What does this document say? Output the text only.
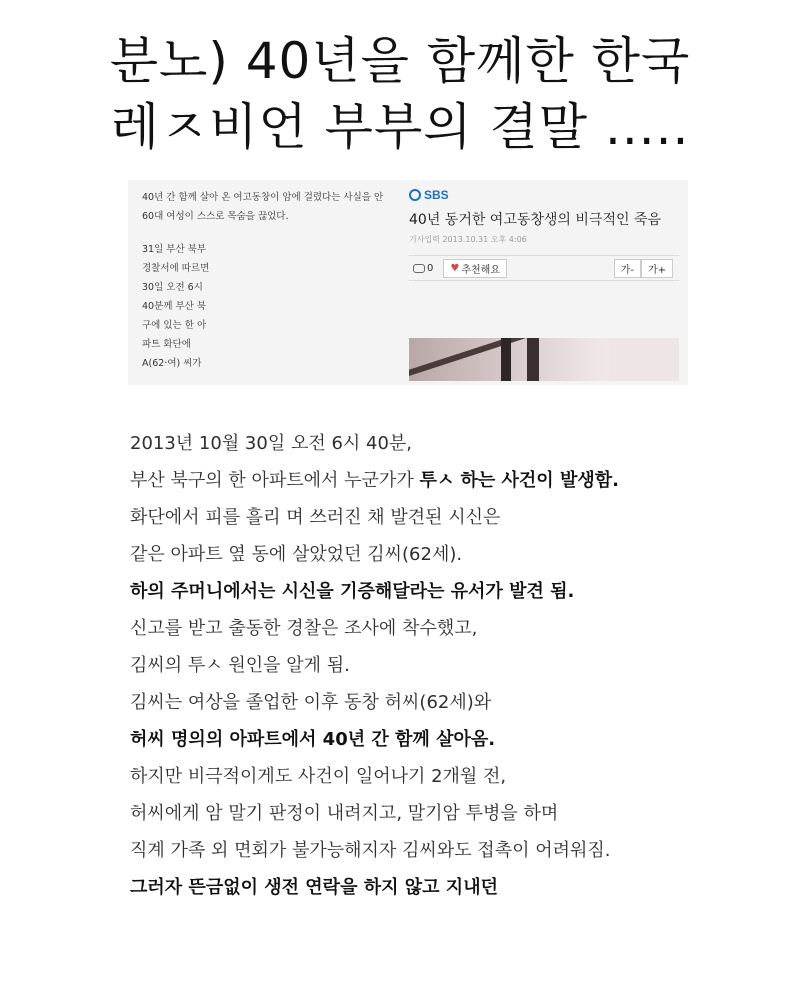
분노) 40년을 함께한 한국
레ㅈ비언 부부의 결말 .....
40년 간 함께 살아 온 여고동창이 암에 걸렸다는 사실을 안 60대 여성이 스스로 목숨을 끊었다.
31일 부산 북부
경찰서에 따르면
30일 오전 6시
40분께 부산 북
구에 있는 한 아
파트 화단에
A(62·여) 씨가
SBS
40년 동거한 여고동창생의 비극적인 죽음
기사입력 2013.10.31 오후 4:06
0 ♥ 추천해요	가-	가+

2013년 10월 30일 오전 6시 40분,

부산 북구의 한 아파트에서 누군가가 투ㅅ 하는 사건이 발생함.

화단에서 피를 흘리 며 쓰러진 채 발견된 시신은

같은 아파트 옆 동에 살았었던 김씨(62세).

하의 주머니에서는 시신을 기증해달라는 유서가 발견 됨.

신고를 받고 출동한 경찰은 조사에 착수했고,

김씨의 투ㅅ 원인을 알게 됨.

김씨는 여상을 졸업한 이후 동창 허씨(62세)와

허씨 명의의 아파트에서 40년 간 함께 살아옴.

하지만 비극적이게도 사건이 일어나기 2개월 전,

허씨에게 암 말기 판정이 내려지고, 말기암 투병을 하며

직계 가족 외 면회가 불가능해지자 김씨와도 접촉이 어려워짐.

그러자 뜬금없이 생전 연락을 하지 않고 지내던
